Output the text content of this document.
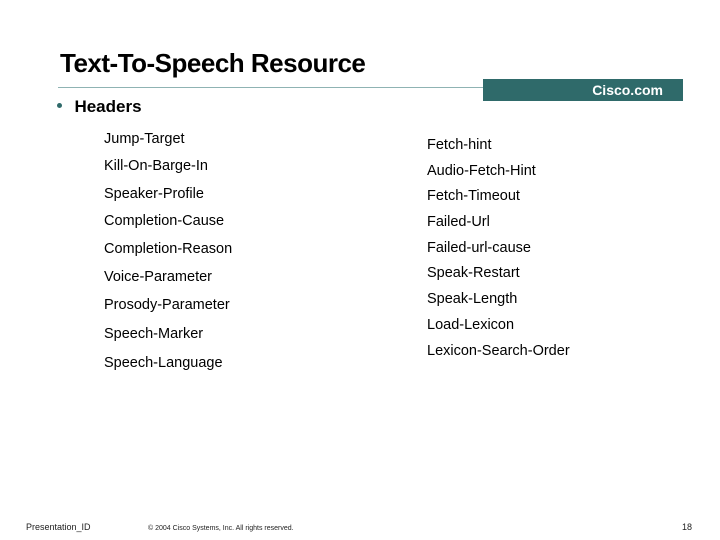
Text-To-Speech Resource
Cisco.com
Headers
Jump-Target
Kill-On-Barge-In
Speaker-Profile
Completion-Cause
Completion-Reason
Voice-Parameter
Prosody-Parameter
Speech-Marker
Speech-Language
Fetch-hint
Audio-Fetch-Hint
Fetch-Timeout
Failed-Url
Failed-url-cause
Speak-Restart
Speak-Length
Load-Lexicon
Lexicon-Search-Order
Presentation_ID	© 2004 Cisco Systems, Inc. All rights reserved.	18
